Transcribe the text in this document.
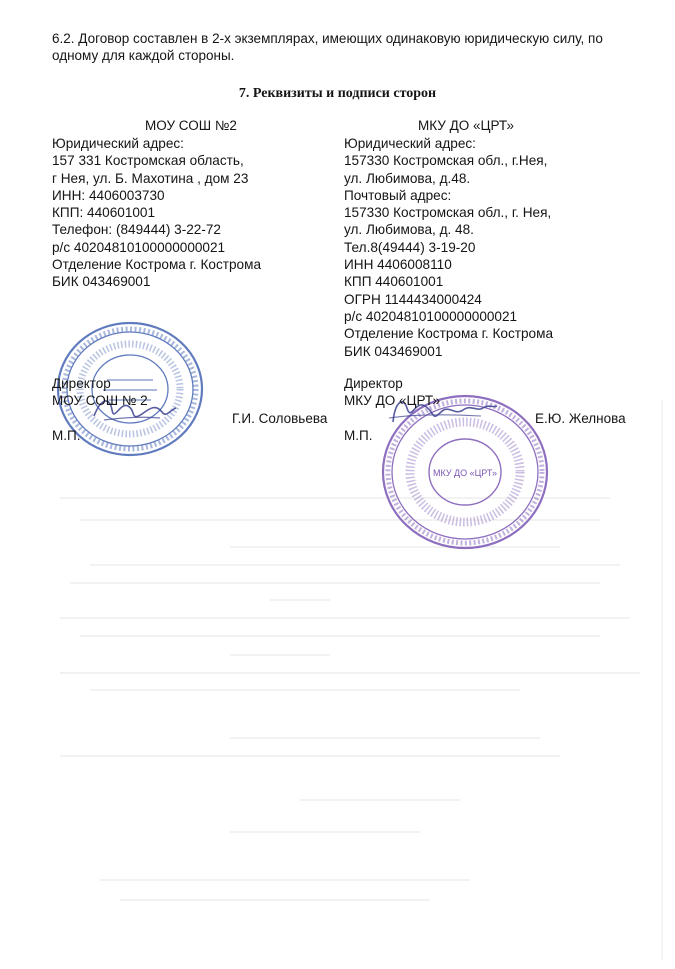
6.2. Договор составлен в 2-х экземплярах, имеющих одинаковую юридическую силу, по
одному для каждой стороны.
7. Реквизиты и подписи сторон
МОУ СОШ №2
Юридический адрес:
157 331 Костромская область,
г Нея, ул. Б. Махотина , дом 23
ИНН: 4406003730
КПП: 440601001
Телефон: (849444) 3-22-72
р/с 40204810100000000021
Отделение Кострома г. Кострома
БИК 043469001
МКУ ДО «ЦРТ»
Юридический адрес:
157330 Костромская обл., г.Нея,
ул. Любимова, д.48.
Почтовый адрес:
157330 Костромская обл., г. Нея,
ул. Любимова, д. 48.
Тел.8(49444) 3-19-20
ИНН 4406008110
КПП 440601001
ОГРН 1144434000424
р/с 40204810100000000021
Отделение Кострома г. Кострома
БИК 043469001
МКУ ДО «ЦРТ»
Директор
МОУ СОШ № 2
Г.И. Соловьева
М.П.
Директор
МКУ ДО «ЦРТ»
Е.Ю. Желнова
М.П.
